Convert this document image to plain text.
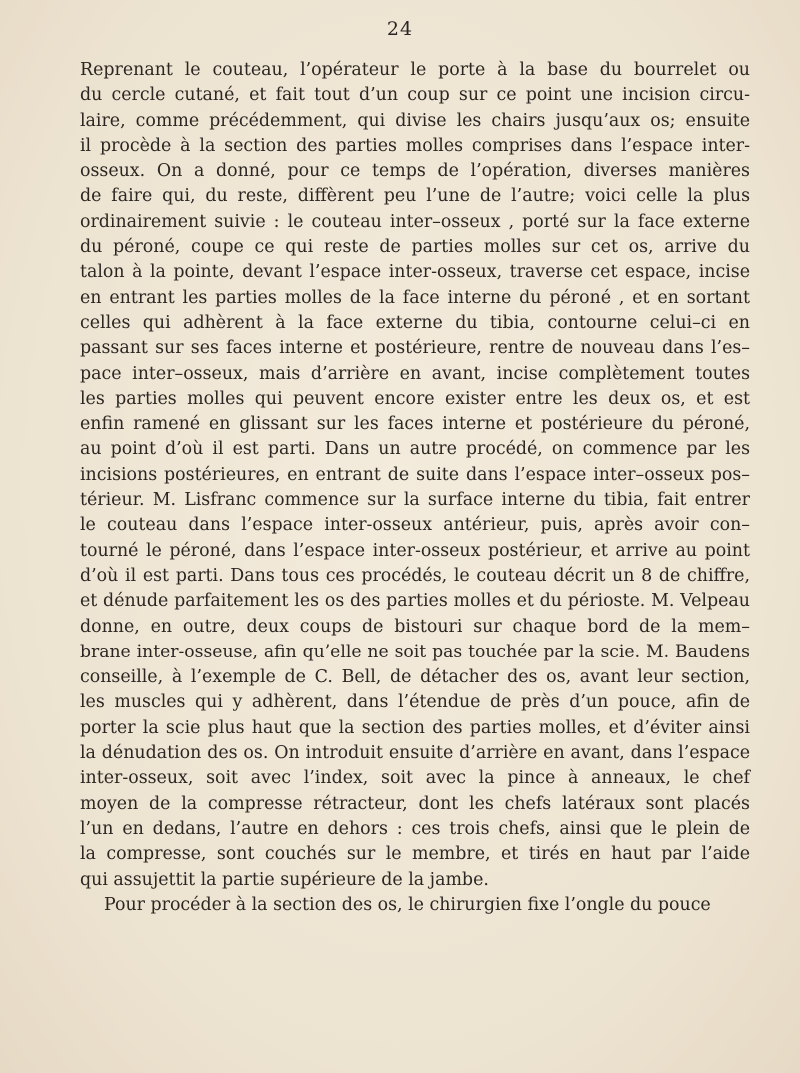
24
Reprenant le couteau, l’opérateur le porte à la base du bourrelet ou
du cercle cutané, et fait tout d’un coup sur ce point une incision circu-
laire, comme précédemment, qui divise les chairs jusqu’aux os; ensuite
il procède à la section des parties molles comprises dans l’espace inter-
osseux. On a donné, pour ce temps de l’opération, diverses manières
de faire qui, du reste, diffèrent peu l’une de l’autre; voici celle la plus
ordinairement suivie : le couteau inter–osseux , porté sur la face externe
du péroné, coupe ce qui reste de parties molles sur cet os, arrive du
talon à la pointe, devant l’espace inter-osseux, traverse cet espace, incise
en entrant les parties molles de la face interne du péroné , et en sortant
celles qui adhèrent à la face externe du tibia, contourne celui–ci en
passant sur ses faces interne et postérieure, rentre de nouveau dans l’es–
pace inter–osseux, mais d’arrière en avant, incise complètement toutes
les parties molles qui peuvent encore exister entre les deux os, et est
enfin ramené en glissant sur les faces interne et postérieure du péroné,
au point d’où il est parti. Dans un autre procédé, on commence par les
incisions postérieures, en entrant de suite dans l’espace inter–osseux pos–
térieur. M. Lisfranc commence sur la surface interne du tibia, fait entrer
le couteau dans l’espace inter-osseux antérieur, puis, après avoir con–
tourné le péroné, dans l’espace inter-osseux postérieur, et arrive au point
d’où il est parti. Dans tous ces procédés, le couteau décrit un 8 de chiffre,
et dénude parfaitement les os des parties molles et du périoste. M. Velpeau
donne, en outre, deux coups de bistouri sur chaque bord de la mem–
brane inter-osseuse, afin qu’elle ne soit pas touchée par la scie. M. Baudens
conseille, à l’exemple de C. Bell, de détacher des os, avant leur section,
les muscles qui y adhèrent, dans l’étendue de près d’un pouce, afin de
porter la scie plus haut que la section des parties molles, et d’éviter ainsi
la dénudation des os. On introduit ensuite d’arrière en avant, dans l’espace
inter-osseux, soit avec l’index, soit avec la pince à anneaux, le chef
moyen de la compresse rétracteur, dont les chefs latéraux sont placés
l’un en dedans, l’autre en dehors : ces trois chefs, ainsi que le plein de
la compresse, sont couchés sur le membre, et tirés en haut par l’aide
qui assujettit la partie supérieure de la jambe.
Pour procéder à la section des os, le chirurgien fixe l’ongle du pouce
